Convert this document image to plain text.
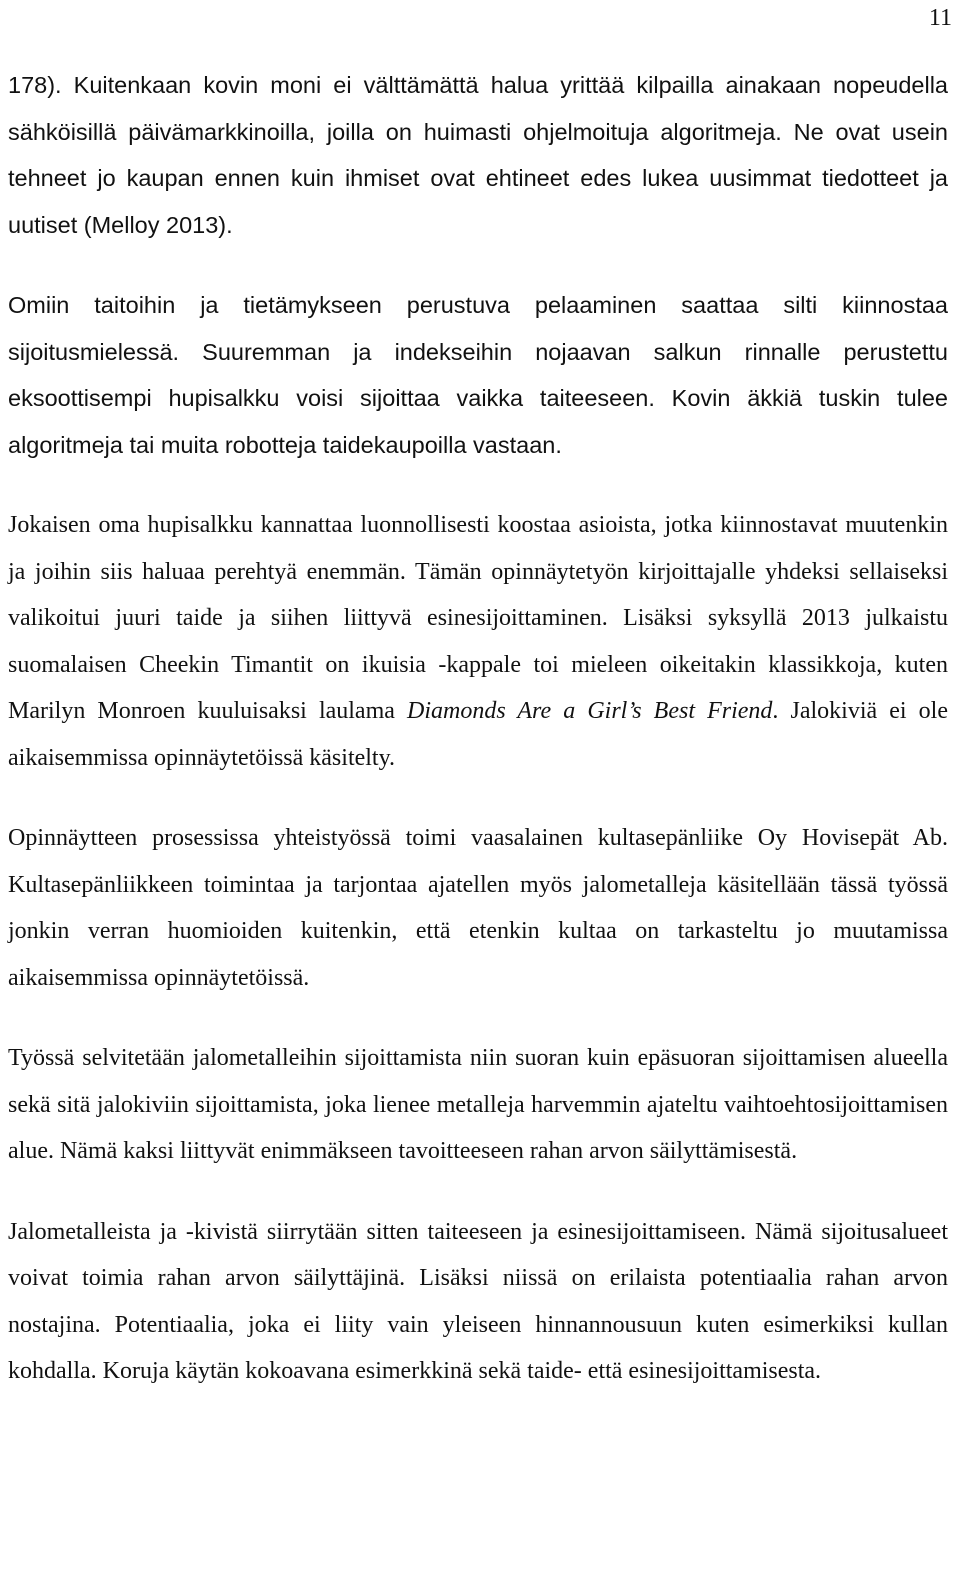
11

178). Kuitenkaan kovin moni ei välttämättä halua yrittää kilpailla ainakaan nopeudella sähköisillä päivämarkkinoilla, joilla on huimasti ohjelmoituja algoritmeja. Ne ovat usein tehneet jo kaupan ennen kuin ihmiset ovat ehtineet edes lukea uusimmat tiedotteet ja uutiset (Melloy 2013).

Omiin taitoihin ja tietämykseen perustuva pelaaminen saattaa silti kiinnostaa sijoitusmielessä. Suuremman ja indekseihin nojaavan salkun rinnalle perustettu eksoottisempi hupisalkku voisi sijoittaa vaikka taiteeseen. Kovin äkkiä tuskin tulee algoritmeja tai muita robotteja taidekaupoilla vastaan.

Jokaisen oma hupisalkku kannattaa luonnollisesti koostaa asioista, jotka kiinnostavat muutenkin ja joihin siis haluaa perehtyä enemmän. Tämän opinnäytetyön kirjoittajalle yhdeksi sellaiseksi valikoitui juuri taide ja siihen liittyvä esinesijoittaminen. Lisäksi syksyllä 2013 julkaistu suomalaisen Cheekin Timantit on ikuisia -kappale toi mieleen oikeitakin klassikkoja, kuten Marilyn Monroen kuuluisaksi laulama Diamonds Are a Girl’s Best Friend. Jalokiviä ei ole aikaisemmissa opinnäytetöissä käsitelty.

Opinnäytteen prosessissa yhteistyössä toimi vaasalainen kultasepänliike Oy Hovisepät Ab. Kultasepänliikkeen toimintaa ja tarjontaa ajatellen myös jalometalleja käsitellään tässä työssä jonkin verran huomioiden kuitenkin, että etenkin kultaa on tarkasteltu jo muutamissa aikaisemmissa opinnäytetöissä.

Työssä selvitetään jalometalleihin sijoittamista niin suoran kuin epäsuoran sijoittamisen alueella sekä sitä jalokiviin sijoittamista, joka lienee metalleja harvemmin ajateltu vaihtoehtosijoittamisen alue. Nämä kaksi liittyvät enimmäkseen tavoitteeseen rahan arvon säilyttämisestä.

Jalometalleista ja -kivistä siirrytään sitten taiteeseen ja esinesijoittamiseen. Nämä sijoitusalueet voivat toimia rahan arvon säilyttäjinä. Lisäksi niissä on erilaista potentiaalia rahan arvon nostajina. Potentiaalia, joka ei liity vain yleiseen hinnannousuun kuten esimerkiksi kullan kohdalla. Koruja käytän kokoavana esimerkkinä sekä taide- että esinesijoittamisesta.
